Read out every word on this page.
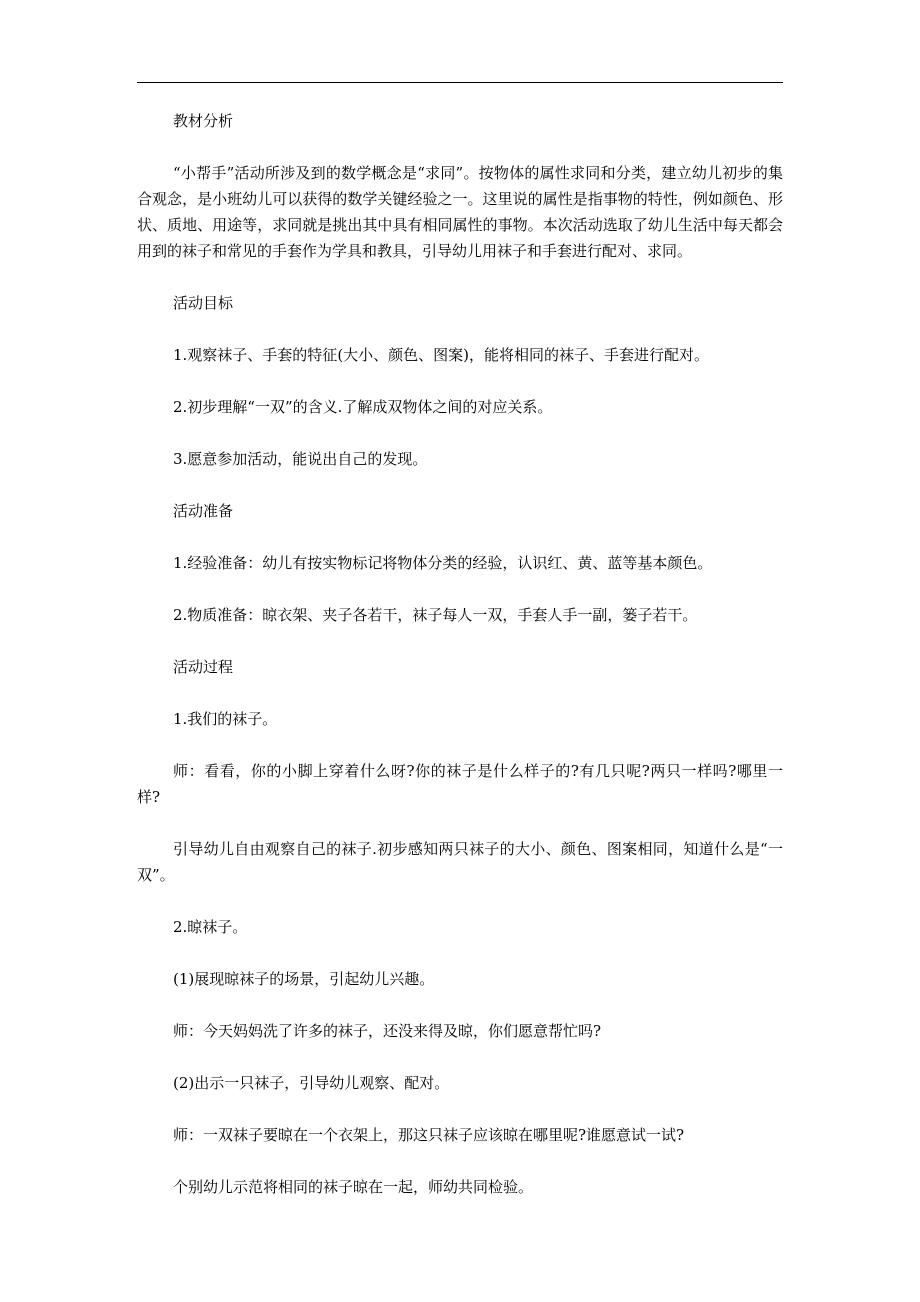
教材分析

“小帮手”活动所涉及到的数学概念是“求同”。按物体的属性求同和分类，建立幼儿初步的集合观念，是小班幼儿可以获得的数学关键经验之一。这里说的属性是指事物的特性，例如颜色、形状、质地、用途等，求同就是挑出其中具有相同属性的事物。本次活动选取了幼儿生活中每天都会用到的袜子和常见的手套作为学具和教具，引导幼儿用袜子和手套进行配对、求同。

活动目标

1.观察袜子、手套的特征(大小、颜色、图案)，能将相同的袜子、手套进行配对。

2.初步理解“一双”的含义.了解成双物体之间的对应关系。

3.愿意参加活动，能说出自己的发现。

活动准备

1.经验准备：幼儿有按实物标记将物体分类的经验，认识红、黄、蓝等基本颜色。

2.物质准备：晾衣架、夹子各若干，袜子每人一双，手套人手一副，篓子若干。

活动过程

1.我们的袜子。

师：看看，你的小脚上穿着什么呀?你的袜子是什么样子的?有几只呢?两只一样吗?哪里一样?

引导幼儿自由观察自己的袜子.初步感知两只袜子的大小、颜色、图案相同，知道什么是“一双”。

2.晾袜子。

(1)展现晾袜子的场景，引起幼儿兴趣。

师：今天妈妈洗了许多的袜子，还没来得及晾，你们愿意帮忙吗?

(2)出示一只袜子，引导幼儿观察、配对。

师：一双袜子要晾在一个衣架上，那这只袜子应该晾在哪里呢?谁愿意试一试?

个别幼儿示范将相同的袜子晾在一起，师幼共同检验。
